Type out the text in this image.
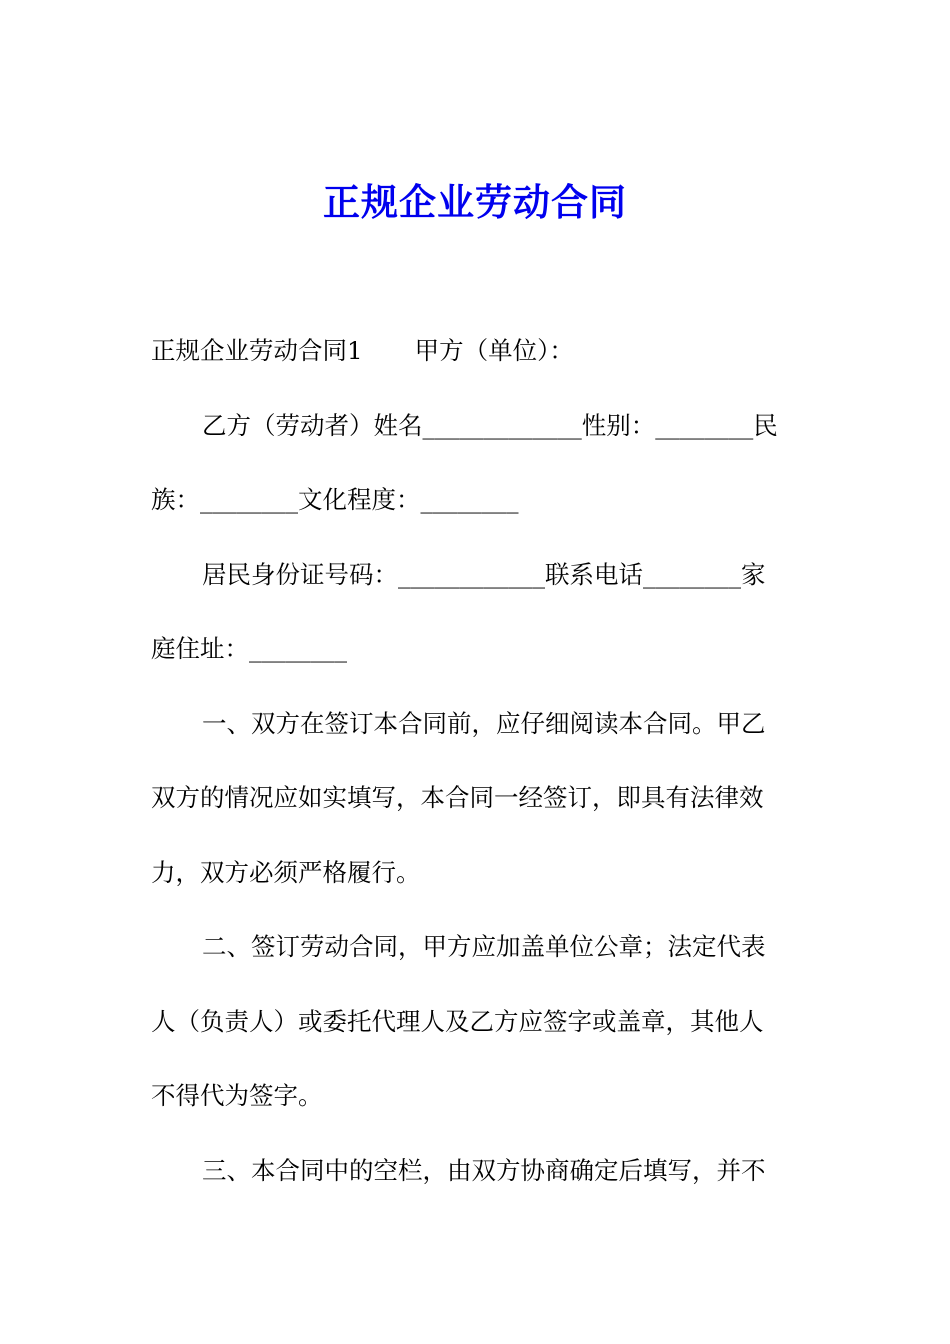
正规企业劳动合同

正规企业劳动合同1 甲方（单位）：

乙方（劳动者）姓名_____________性别：________民

族：________文化程度：________

居民身份证号码：____________联系电话________家

庭住址：________

一、双方在签订本合同前，应仔细阅读本合同。甲乙

双方的情况应如实填写，本合同一经签订，即具有法律效

力，双方必须严格履行。

二、签订劳动合同，甲方应加盖单位公章；法定代表

人（负责人）或委托代理人及乙方应签字或盖章，其他人

不得代为签字。

三、本合同中的空栏，由双方协商确定后填写，并不
